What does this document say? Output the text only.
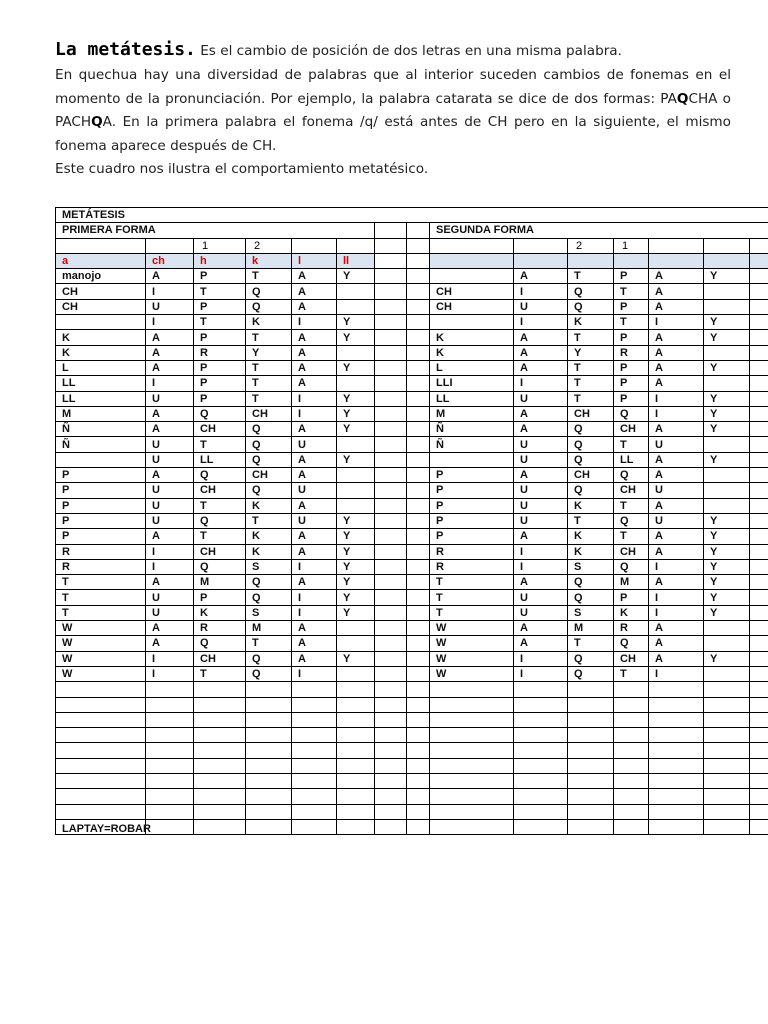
La metátesis. Es el cambio de posición de dos letras en una misma palabra.

En quechua hay una diversidad de palabras que al interior suceden cambios de fonemas en el momento de la pronunciación. Por ejemplo, la palabra catarata se dice de dos formas: PAQCHA o PACHQA. En la primera palabra el fonema /q/ está antes de CH pero en la siguiente, el mismo fonema aparece después de CH.

Este cuadro nos ilustra el comportamiento metatésico.

METÁTESIS															
PRIMERA FORMA								SEGUNDA FORMA							
		1	2							2	1				
a	ch	h	k	l	ll										
manojo	A	P	T	A	Y				A	T	P	A	Y		
CH	I	T	Q	A				CH	I	Q	T	A			
CH	U	P	Q	A				CH	U	Q	P	A			
	I	T	K	I	Y				I	K	T	I	Y		
K	A	P	T	A	Y			K	A	T	P	A	Y		
K	A	R	Y	A				K	A	Y	R	A			
L	A	P	T	A	Y			L	A	T	P	A	Y		
LL	I	P	T	A				LLI	I	T	P	A			
LL	U	P	T	I	Y			LL	U	T	P	I	Y		
M	A	Q	CH	I	Y			M	A	CH	Q	I	Y		
Ñ	A	CH	Q	A	Y			Ñ	A	Q	CH	A	Y		
Ñ	U	T	Q	U				Ñ	U	Q	T	U			
	U	LL	Q	A	Y				U	Q	LL	A	Y		
P	A	Q	CH	A				P	A	CH	Q	A			
P	U	CH	Q	U				P	U	Q	CH	U			
P	U	T	K	A				P	U	K	T	A			
P	U	Q	T	U	Y			P	U	T	Q	U	Y		
P	A	T	K	A	Y			P	A	K	T	A	Y		
R	I	CH	K	A	Y			R	I	K	CH	A	Y		
R	I	Q	S	I	Y			R	I	S	Q	I	Y		
T	A	M	Q	A	Y			T	A	Q	M	A	Y		
T	U	P	Q	I	Y			T	U	Q	P	I	Y		
T	U	K	S	I	Y			T	U	S	K	I	Y		
W	A	R	M	A				W	A	M	R	A			
W	A	Q	T	A				W	A	T	Q	A			
W	I	CH	Q	A	Y			W	I	Q	CH	A	Y		
W	I	T	Q	I				W	I	Q	T	I			

LAPTAY=ROBAR
